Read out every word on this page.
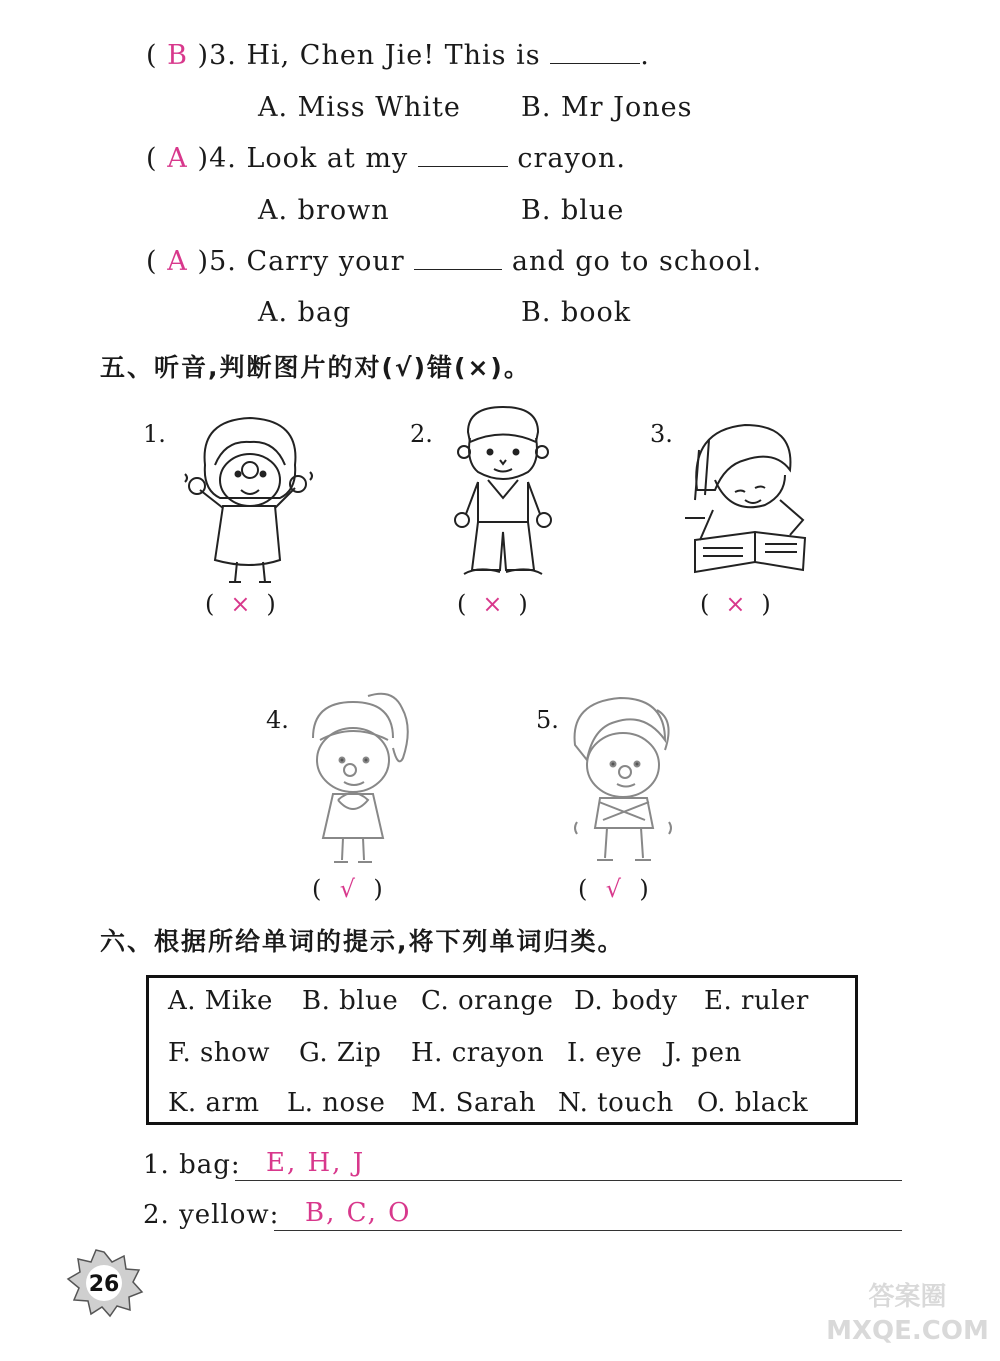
( B )3. Hi, Chen Jie! This is	.
A. Miss White B. Mr Jones
( A )4. Look at my	crayon.
A. brown	B. blue
( A )5. Carry your	and go to school.
A. bag	B. book
五、听音,判断图片的对(√)错(×)。
1.	2.	3.
4.	5.
( × )	( × )	( × )
( √ )	( √ )
六、根据所给单词的提示,将下列单词归类。
A. Mike B. blue C. orange D. body E. ruler
F. show G. Zip H. crayon I. eye J. pen
K. arm L. nose M. Sarah N. touch O. black
1. bag: E, H, J
2. yellow: B, C, O
26	答案圈 MXQE.COM
